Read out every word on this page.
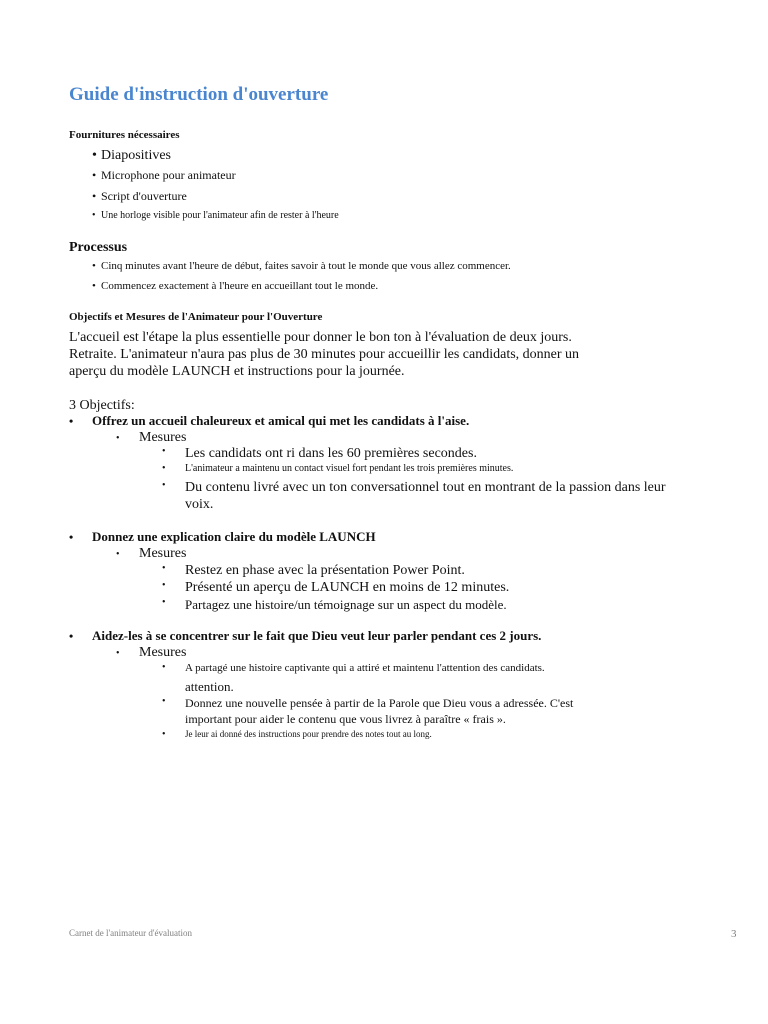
Guide d'instruction d'ouverture
Fournitures nécessaires
• Diapositives
• Microphone pour animateur
• Script d'ouverture
• Une horloge visible pour l'animateur afin de rester à l'heure
Processus
• Cinq minutes avant l'heure de début, faites savoir à tout le monde que vous allez commencer.
• Commencez exactement à l'heure en accueillant tout le monde.
Objectifs et Mesures de l'Animateur pour l'Ouverture
L'accueil est l'étape la plus essentielle pour donner le bon ton à l'évaluation de deux jours.
Retraite. L'animateur n'aura pas plus de 30 minutes pour accueillir les candidats, donner un
aperçu du modèle LAUNCH et instructions pour la journée.
3 Objectifs:
• Offrez un accueil chaleureux et amical qui met les candidats à l'aise.
• Mesures
• Les candidats ont ri dans les 60 premières secondes.
• L'animateur a maintenu un contact visuel fort pendant les trois premières minutes.
• Du contenu livré avec un ton conversationnel tout en montrant de la passion dans leur
voix.
• Donnez une explication claire du modèle LAUNCH
• Mesures
• Restez en phase avec la présentation Power Point.
• Présenté un aperçu de LAUNCH en moins de 12 minutes.
• Partagez une histoire/un témoignage sur un aspect du modèle.
• Aidez-les à se concentrer sur le fait que Dieu veut leur parler pendant ces 2 jours.
• Mesures
• A partagé une histoire captivante qui a attiré et maintenu l'attention des candidats.
attention.
• Donnez une nouvelle pensée à partir de la Parole que Dieu vous a adressée. C'est
important pour aider le contenu que vous livrez à paraître « frais ».
• Je leur ai donné des instructions pour prendre des notes tout au long.
Carnet de l'animateur d'évaluation	3
